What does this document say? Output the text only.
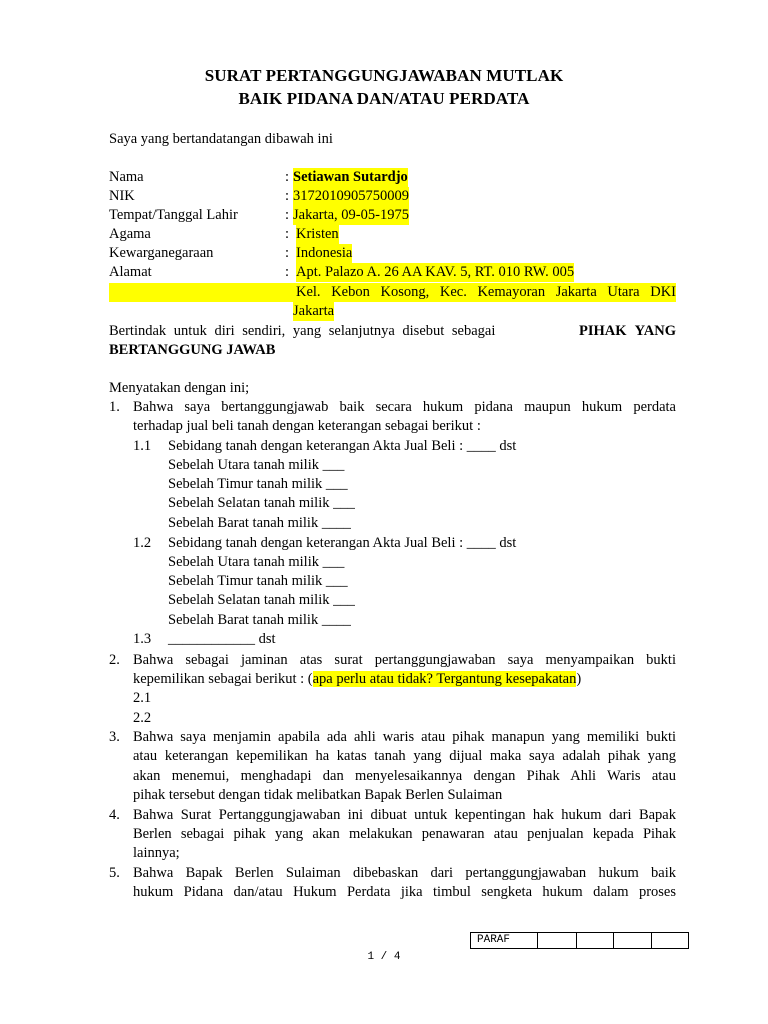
SURAT PERTANGGUNGJAWABAN MUTLAK
BAIK PIDANA DAN/ATAU PERDATA
Saya yang bertandatangan dibawah ini
Nama	: Setiawan Sutardjo
NIK	: 3172010905750009
Tempat/Tanggal Lahir	: Jakarta, 09-05-1975
Agama	: Kristen
Kewarganegaraan	: Indonesia
Alamat	: Apt. Palazo A. 26 AA KAV. 5, RT. 010 RW. 005
Kel. Kebon Kosong, Kec. Kemayoran Jakarta Utara DKI
Jakarta
Bertindak untuk diri sendiri, yang selanjutnya disebut sebagai	PIHAK YANG
BERTANGGUNG JAWAB
Menyatakan dengan ini;
1. Bahwa saya bertanggungjawab baik secara hukum pidana maupun hukum perdata
terhadap jual beli tanah dengan keterangan sebagai berikut :
1.1 Sebidang tanah dengan keterangan Akta Jual Beli : ____ dst
Sebelah Utara tanah milik ___
Sebelah Timur tanah milik ___
Sebelah Selatan tanah milik ___
Sebelah Barat tanah milik ____
1.2 Sebidang tanah dengan keterangan Akta Jual Beli : ____ dst
Sebelah Utara tanah milik ___
Sebelah Timur tanah milik ___
Sebelah Selatan tanah milik ___
Sebelah Barat tanah milik ____
1.3 ____________ dst
2. Bahwa sebagai jaminan atas surat pertanggungjawaban saya menyampaikan bukti
kepemilikan sebagai berikut : (apa perlu atau tidak? Tergantung kesepakatan)
2.1
2.2
3. Bahwa saya menjamin apabila ada ahli waris atau pihak manapun yang memiliki bukti
atau keterangan kepemilikan ha katas tanah yang dijual maka saya adalah pihak yang
akan menemui, menghadapi dan menyelesaikannya dengan Pihak Ahli Waris atau
pihak tersebut dengan tidak melibatkan Bapak Berlen Sulaiman
4. Bahwa Surat Pertanggungjawaban ini dibuat untuk kepentingan hak hukum dari Bapak
Berlen sebagai pihak yang akan melakukan penawaran atau penjualan kepada Pihak
lainnya;
5. Bahwa Bapak Berlen Sulaiman dibebaskan dari pertanggungjawaban hukum baik
hukum Pidana dan/atau Hukum Perdata jika timbul sengketa hukum dalam proses
PARAF				
1 / 4
